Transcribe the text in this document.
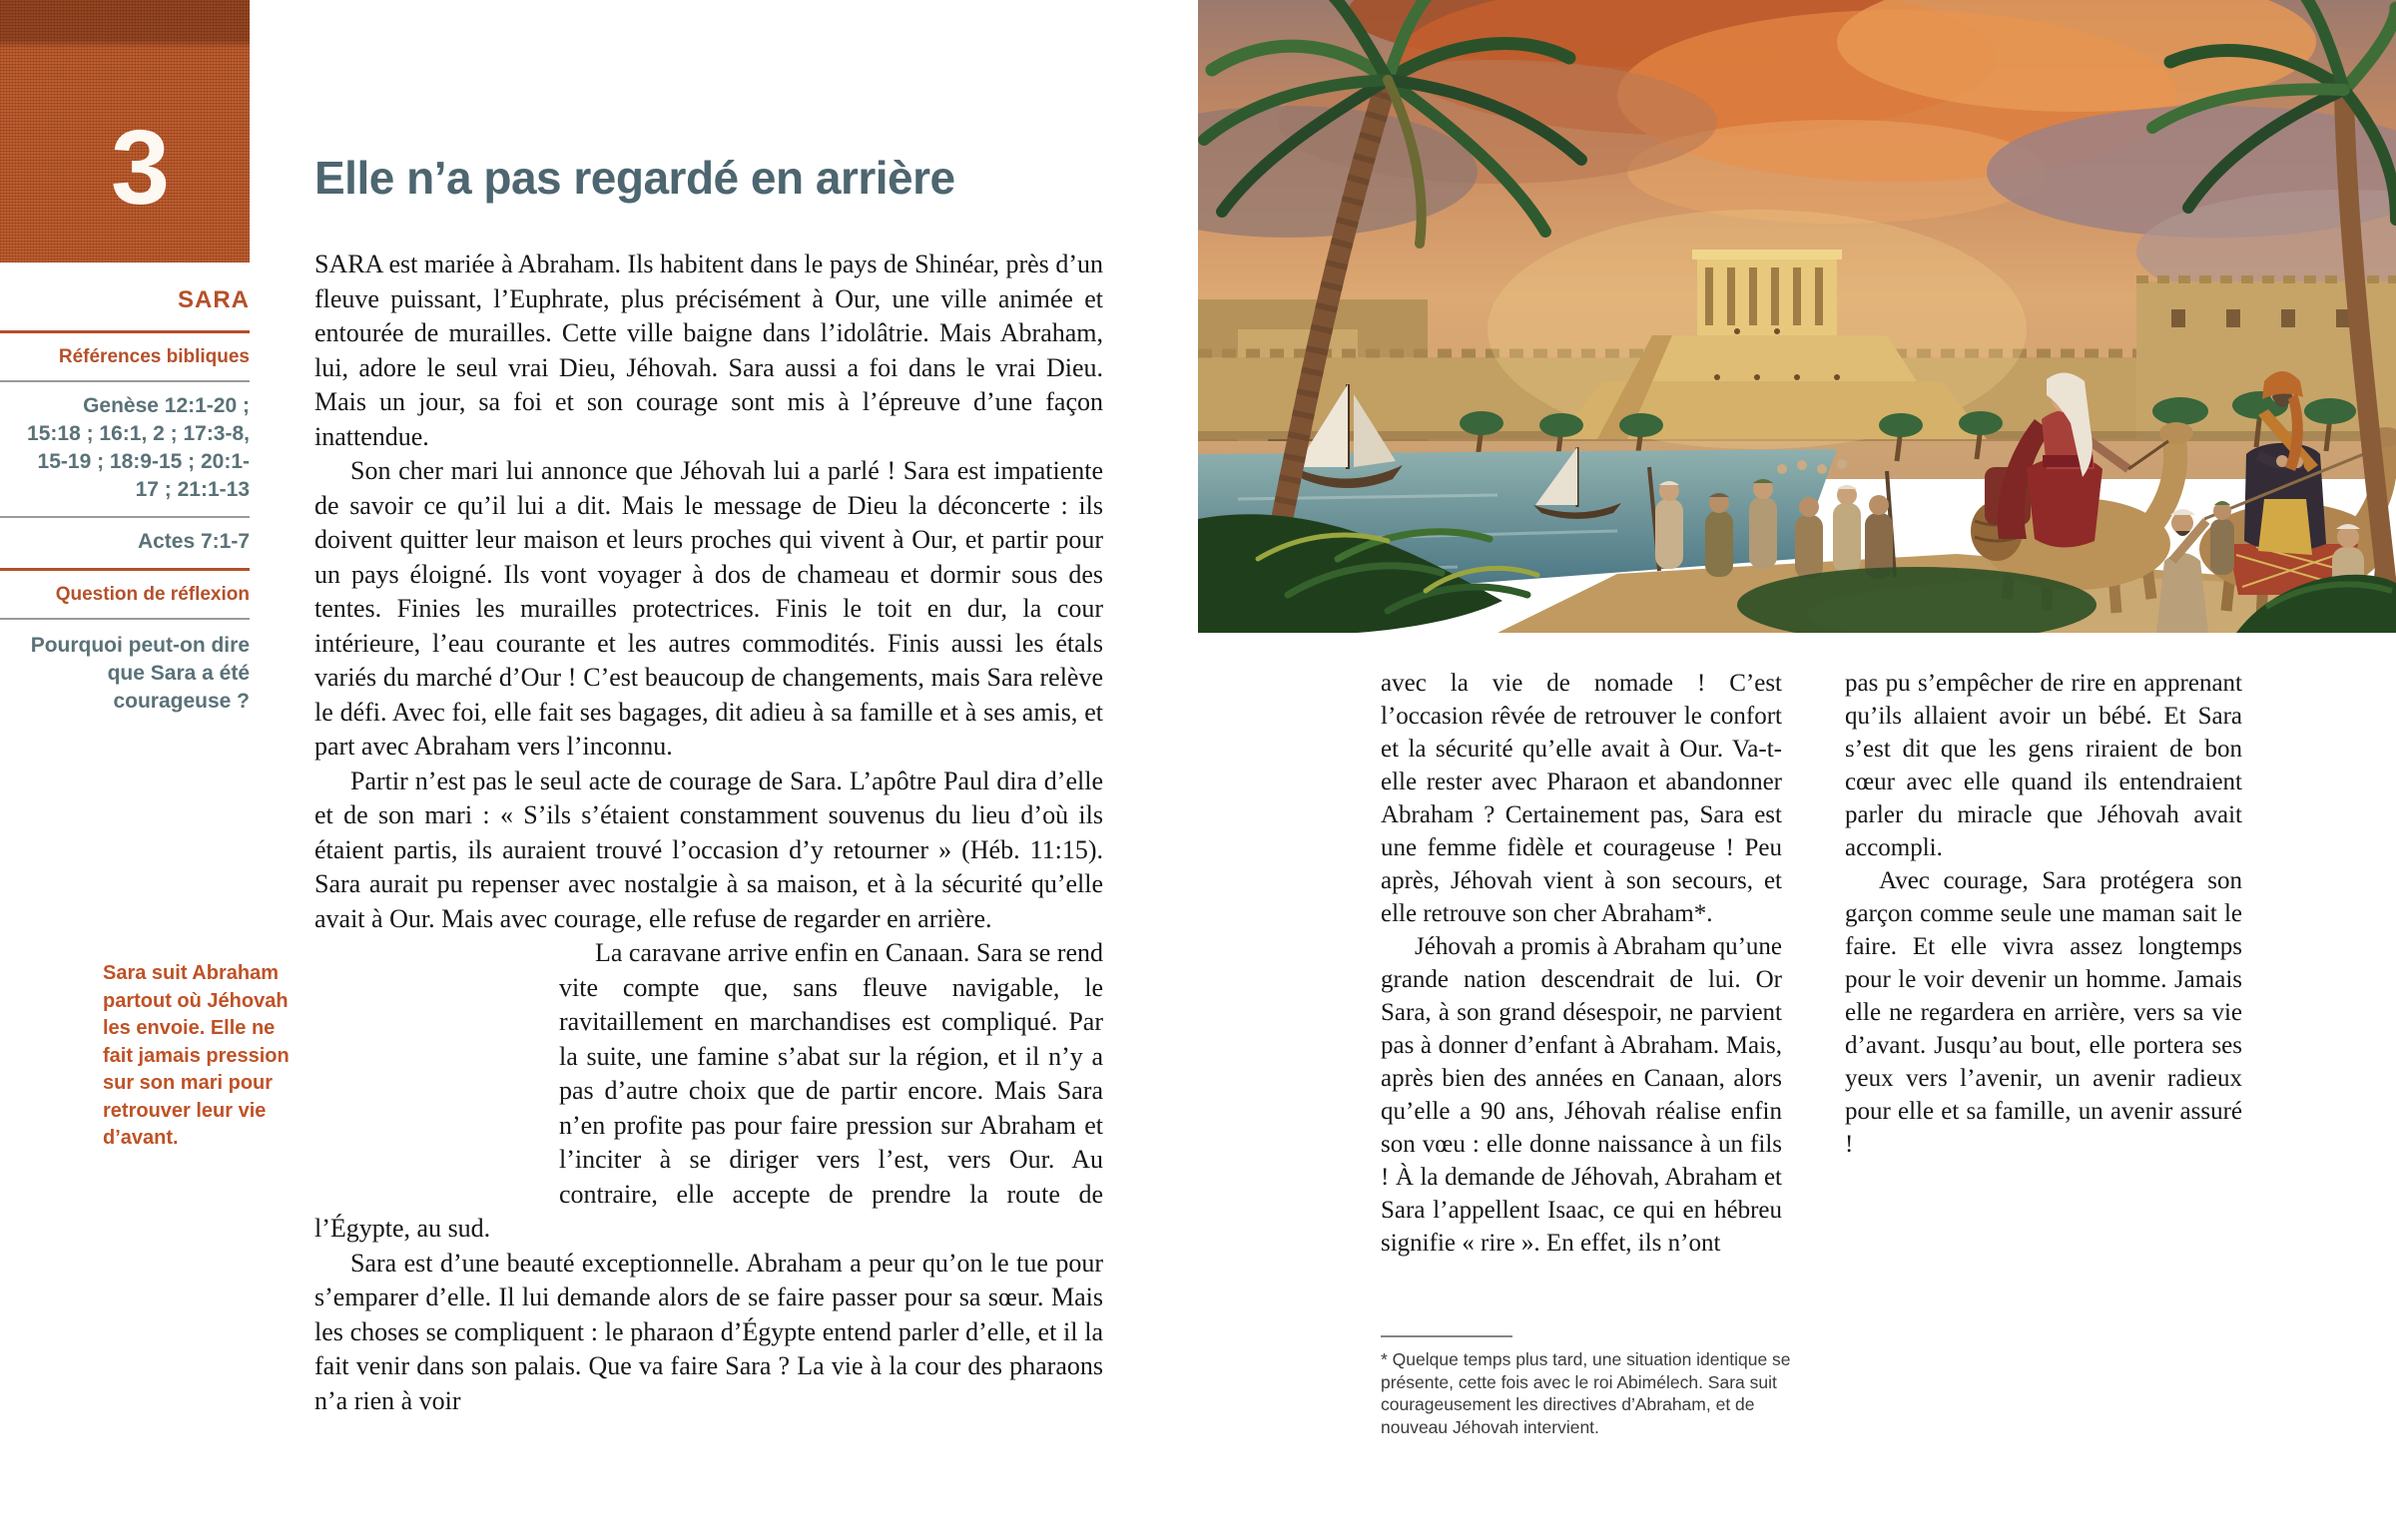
3
SARA
Références bibliques
Genèse 12:1-20 ; 15:18 ; 16:1, 2 ; 17:3-8, 15-19 ; 18:9-15 ; 20:1-17 ; 21:1-13
Actes 7:1-7
Question de réflexion
Pourquoi peut-on dire que Sara a été courageuse ?
Elle n’a pas regardé en arrière

SARA est mariée à Abraham. Ils habitent dans le pays de Shinéar, près d’un fleuve puissant, l’Euphrate, plus précisément à Our, une ville animée et entourée de murailles. Cette ville baigne dans l’idolâtrie. Mais Abraham, lui, adore le seul vrai Dieu, Jéhovah. Sara aussi a foi dans le vrai Dieu. Mais un jour, sa foi et son courage sont mis à l’épreuve d’une façon inattendue.

Son cher mari lui annonce que Jéhovah lui a parlé ! Sara est impatiente de savoir ce qu’il lui a dit. Mais le message de Dieu la déconcerte : ils doivent quitter leur maison et leurs proches qui vivent à Our, et partir pour un pays éloigné. Ils vont voyager à dos de chameau et dormir sous des tentes. Finies les murailles protectrices. Finis le toit en dur, la cour intérieure, l’eau courante et les autres commodités. Finis aussi les étals variés du marché d’Our ! C’est beaucoup de changements, mais Sara relève le défi. Avec foi, elle fait ses bagages, dit adieu à sa famille et à ses amis, et part avec Abraham vers l’inconnu.

Partir n’est pas le seul acte de courage de Sara. L’apôtre Paul dira d’elle et de son mari : « S’ils s’étaient constamment souvenus du lieu d’où ils étaient partis, ils auraient trouvé l’occasion d’y retourner » (Héb. 11:15). Sara aurait pu repenser avec nostalgie à sa maison, et à la sécurité qu’elle avait à Our. Mais avec courage, elle refuse de regarder en arrière.

Sara suit Abraham partout où Jéhovah les envoie. Elle ne fait jamais pression sur son mari pour retrouver leur vie d’avant.
La caravane arrive enfin en Canaan. Sara se rend vite compte que, sans fleuve navigable, le ravitaillement en marchandises est compliqué. Par la suite, une famine s’abat sur la région, et il n’y a pas d’autre choix que de partir encore. Mais Sara n’en profite pas pour faire pression sur Abraham et l’inciter à se diriger vers l’est, vers Our. Au contraire, elle accepte de prendre la route de l’Égypte, au sud.

Sara est d’une beauté exceptionnelle. Abraham a peur qu’on le tue pour s’emparer d’elle. Il lui demande alors de se faire passer pour sa sœur. Mais les choses se compliquent : le pharaon d’Égypte entend parler d’elle, et il la fait venir dans son palais. Que va faire Sara ? La vie à la cour des pharaons n’a rien à voir

avec la vie de nomade ! C’est l’occasion rêvée de retrouver le confort et la sécurité qu’elle avait à Our. Va-t-elle rester avec Pharaon et abandonner Abraham ? Certainement pas, Sara est une femme fidèle et courageuse ! Peu après, Jéhovah vient à son secours, et elle retrouve son cher Abraham*.

Jéhovah a promis à Abraham qu’une grande nation descendrait de lui. Or Sara, à son grand désespoir, ne parvient pas à donner d’enfant à Abraham. Mais, après bien des années en Canaan, alors qu’elle a 90 ans, Jéhovah réalise enfin son vœu : elle donne naissance à un fils ! À la demande de Jéhovah, Abraham et Sara l’appellent Isaac, ce qui en hébreu signifie « rire ». En effet, ils n’ont

pas pu s’empêcher de rire en apprenant qu’ils allaient avoir un bébé. Et Sara s’est dit que les gens riraient de bon cœur avec elle quand ils entendraient parler du miracle que Jéhovah avait accompli.

Avec courage, Sara protégera son garçon comme seule une maman sait le faire. Et elle vivra assez longtemps pour le voir devenir un homme. Jamais elle ne regardera en arrière, vers sa vie d’avant. Jusqu’au bout, elle portera ses yeux vers l’avenir, un avenir radieux pour elle et sa famille, un avenir assuré !

* Quelque temps plus tard, une situation identique se présente, cette fois avec le roi Abimélech. Sara suit courageusement les directives d’Abraham, et de nouveau Jéhovah intervient.
